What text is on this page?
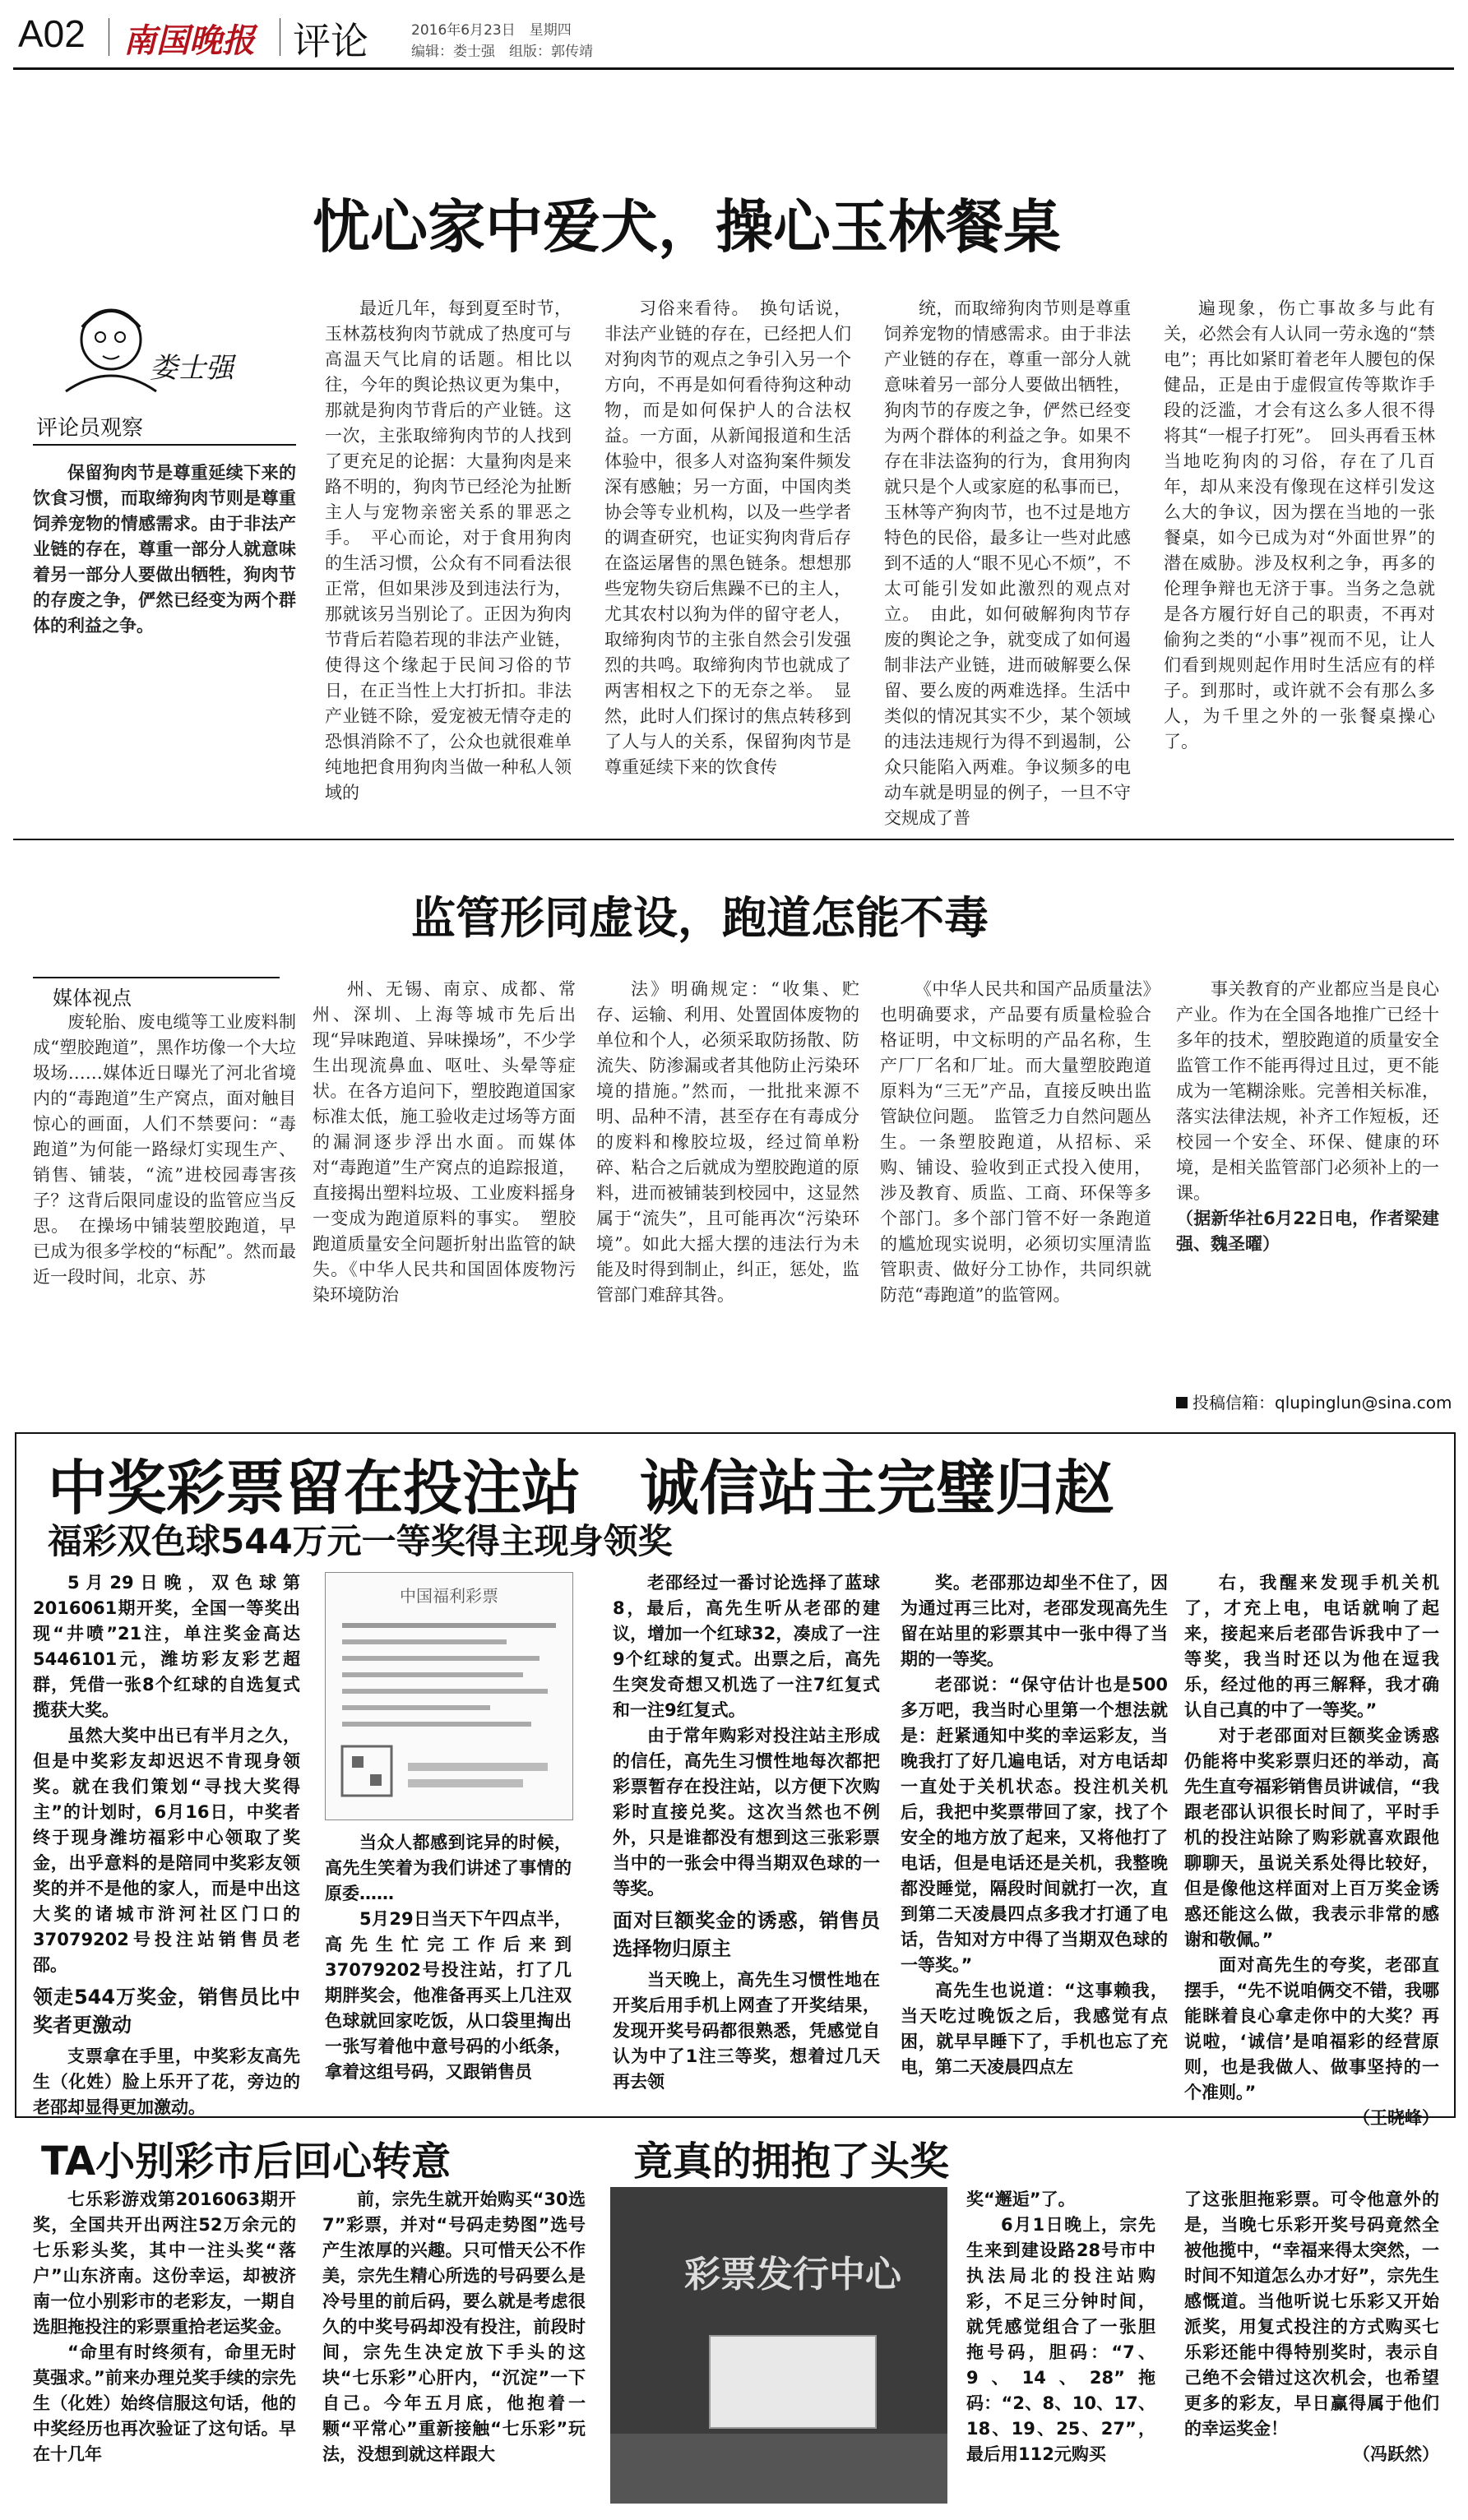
A02 南国晚报 评论	2016年6月23日　星期四
编辑：娄士强　组版：郭传靖
忧心家中爱犬，操心玉林餐桌
娄士强
评论员观察

保留狗肉节是尊重延续下来的饮食习惯，而取缔狗肉节则是尊重饲养宠物的情感需求。由于非法产业链的存在，尊重一部分人就意味着另一部分人要做出牺牲，狗肉节的存废之争，俨然已经变为两个群体的利益之争。

最近几年，每到夏至时节，玉林荔枝狗肉节就成了热度可与高温天气比肩的话题。相比以往，今年的舆论热议更为集中，那就是狗肉节背后的产业链。这一次，主张取缔狗肉节的人找到了更充足的论据：大量狗肉是来路不明的，狗肉节已经沦为扯断主人与宠物亲密关系的罪恶之手。　平心而论，对于食用狗肉的生活习惯，公众有不同看法很正常，但如果涉及到违法行为，那就该另当别论了。正因为狗肉节背后若隐若现的非法产业链，使得这个缘起于民间习俗的节日，在正当性上大打折扣。非法产业链不除，爱宠被无情夺走的恐惧消除不了，公众也就很难单纯地把食用狗肉当做一种私人领域的

习俗来看待。　换句话说，非法产业链的存在，已经把人们对狗肉节的观点之争引入另一个方向，不再是如何看待狗这种动物，而是如何保护人的合法权益。一方面，从新闻报道和生活体验中，很多人对盗狗案件频发深有感触；另一方面，中国肉类协会等专业机构，以及一些学者的调查研究，也证实狗肉背后存在盗运屠售的黑色链条。想想那些宠物失窃后焦躁不已的主人，尤其农村以狗为伴的留守老人，取缔狗肉节的主张自然会引发强烈的共鸣。取缔狗肉节也就成了两害相权之下的无奈之举。　显然，此时人们探讨的焦点转移到了人与人的关系，保留狗肉节是尊重延续下来的饮食传

统，而取缔狗肉节则是尊重饲养宠物的情感需求。由于非法产业链的存在，尊重一部分人就意味着另一部分人要做出牺牲，狗肉节的存废之争，俨然已经变为两个群体的利益之争。如果不存在非法盗狗的行为，食用狗肉就只是个人或家庭的私事而已，玉林等产狗肉节，也不过是地方特色的民俗，最多让一些对此感到不适的人“眼不见心不烦”，不太可能引发如此激烈的观点对立。　由此，如何破解狗肉节存废的舆论之争，就变成了如何遏制非法产业链，进而破解要么保留、要么废的两难选择。生活中类似的情况其实不少，某个领域的违法违规行为得不到遏制，公众只能陷入两难。争议频多的电动车就是明显的例子，一旦不守交规成了普

遍现象，伤亡事故多与此有关，必然会有人认同一劳永逸的“禁电”；再比如紧盯着老年人腰包的保健品，正是由于虚假宣传等欺诈手段的泛滥，才会有这么多人很不得将其“一棍子打死”。　回头再看玉林当地吃狗肉的习俗，存在了几百年，却从来没有像现在这样引发这么大的争议，因为摆在当地的一张餐桌，如今已成为对“外面世界”的潜在威胁。涉及权利之争，再多的伦理争辩也无济于事。当务之急就是各方履行好自己的职责，不再对偷狗之类的“小事”视而不见，让人们看到规则起作用时生活应有的样子。到那时，或许就不会有那么多人，为千里之外的一张餐桌操心了。

监管形同虚设，跑道怎能不毒
媒体视点

废轮胎、废电缆等工业废料制成“塑胶跑道”，黑作坊像一个大垃圾场……媒体近日曝光了河北省境内的“毒跑道”生产窝点，面对触目惊心的画面，人们不禁要问：“毒跑道”为何能一路绿灯实现生产、销售、铺装，“流”进校园毒害孩子？这背后限同虚设的监管应当反思。　在操场中铺装塑胶跑道，早已成为很多学校的“标配”。然而最近一段时间，北京、苏

州、无锡、南京、成都、常州、深圳、上海等城市先后出现“异味跑道、异味操场”，不少学生出现流鼻血、呕吐、头晕等症状。在各方追问下，塑胶跑道国家标准太低，施工验收走过场等方面的漏洞逐步浮出水面。而媒体对“毒跑道”生产窝点的追踪报道，直接揭出塑料垃圾、工业废料摇身一变成为跑道原料的事实。　塑胶跑道质量安全问题折射出监管的缺失。《中华人民共和国固体废物污染环境防治

法》明确规定：“收集、贮存、运输、利用、处置固体废物的单位和个人，必须采取防扬散、防流失、防渗漏或者其他防止污染环境的措施。”然而，一批批来源不明、品种不清，甚至存在有毒成分的废料和橡胶垃圾，经过简单粉碎、粘合之后就成为塑胶跑道的原料，进而被铺装到校园中，这显然属于“流失”，且可能再次“污染环境”。如此大摇大摆的违法行为未能及时得到制止，纠正，惩处，监管部门难辞其咎。

《中华人民共和国产品质量法》也明确要求，产品要有质量检验合格证明，中文标明的产品名称，生产厂厂名和厂址。而大量塑胶跑道原料为“三无”产品，直接反映出监管缺位问题。　监管乏力自然问题丛生。一条塑胶跑道，从招标、采购、铺设、验收到正式投入使用，涉及教育、质监、工商、环保等多个部门。多个部门管不好一条跑道的尴尬现实说明，必须切实厘清监管职责、做好分工协作，共同织就防范“毒跑道”的监管网。

事关教育的产业都应当是良心产业。作为在全国各地推广已经十多年的技术，塑胶跑道的质量安全监管工作不能再得过且过，更不能成为一笔糊涂账。完善相关标准，落实法律法规，补齐工作短板，还校园一个安全、环保、健康的环境，是相关监管部门必须补上的一课。

（据新华社6月22日电，作者梁建强、魏圣曜）

投稿信箱：qlupinglun@sina.com
中奖彩票留在投注站　诚信站主完璧归赵
福彩双色球544万元一等奖得主现身领奖

5月29日晚，双色球第2016061期开奖，全国一等奖出现“井喷”21注，单注奖金高达5446101元，潍坊彩友彩艺超群，凭借一张8个红球的自选复式揽获大奖。

虽然大奖中出已有半月之久，但是中奖彩友却迟迟不肯现身领奖。就在我们策划“寻找大奖得主”的计划时，6月16日，中奖者终于现身潍坊福彩中心领取了奖金，出乎意料的是陪同中奖彩友领奖的并不是他的家人，而是中出这大奖的诸城市浒河社区门口的37079202号投注站销售员老邵。

领走544万奖金，销售员比中奖者更激动

支票拿在手里，中奖彩友高先生（化姓）脸上乐开了花，旁边的老邵却显得更加激动。

中国福利彩票

当众人都感到诧异的时候，高先生笑着为我们讲述了事情的原委……

5月29日当天下午四点半，高先生忙完工作后来到37079202号投注站，打了几期胖奖会，他准备再买上几注双色球就回家吃饭，从口袋里掏出一张写着他中意号码的小纸条，拿着这组号码，又跟销售员

老邵经过一番讨论选择了蓝球8，最后，高先生听从老邵的建议，增加一个红球32，凑成了一注9个红球的复式。出票之后，高先生突发奇想又机选了一注7红复式和一注9红复式。

由于常年购彩对投注站主形成的信任，高先生习惯性地每次都把彩票暂存在投注站，以方便下次购彩时直接兑奖。这次当然也不例外，只是谁都没有想到这三张彩票当中的一张会中得当期双色球的一等奖。

面对巨额奖金的诱惑，销售员选择物归原主

当天晚上，高先生习惯性地在开奖后用手机上网查了开奖结果，发现开奖号码都很熟悉，凭感觉自认为中了1注三等奖，想着过几天再去领

奖。老邵那边却坐不住了，因为通过再三比对，老邵发现高先生留在站里的彩票其中一张中得了当期的一等奖。

老邵说：“保守估计也是500多万吧，我当时心里第一个想法就是：赶紧通知中奖的幸运彩友，当晚我打了好几遍电话，对方电话却一直处于关机状态。投注机关机后，我把中奖票带回了家，找了个安全的地方放了起来，又将他打了电话，但是电话还是关机，我整晚都没睡觉，隔段时间就打一次，直到第二天凌晨四点多我才打通了电话，告知对方中得了当期双色球的一等奖。”

高先生也说道：“这事赖我，当天吃过晚饭之后，我感觉有点困，就早早睡下了，手机也忘了充电，第二天凌晨四点左

右，我醒来发现手机关机了，才充上电，电话就响了起来，接起来后老邵告诉我中了一等奖，我当时还以为他在逗我乐，经过他的再三解释，我才确认自己真的中了一等奖。”

对于老邵面对巨额奖金诱惑仍能将中奖彩票归还的举动，高先生直夸福彩销售员讲诚信，“我跟老邵认识很长时间了，平时手机的投注站除了购彩就喜欢跟他聊聊天，虽说关系处得比较好，但是像他这样面对上百万奖金诱惑还能这么做，我表示非常的感谢和敬佩。”

面对高先生的夸奖，老邵直摆手，“先不说咱俩交不错，我哪能眯着良心拿走你中的大奖？再说啦，‘诚信’是咱福彩的经营原则，也是我做人、做事坚持的一个准则。”

（王晓峰）

TA小别彩市后回心转意	竟真的拥抱了头奖

七乐彩游戏第2016063期开奖，全国共开出两注52万余元的七乐彩头奖，其中一注头奖“落户”山东济南。这份幸运，却被济南一位小别彩市的老彩友，一期自选胆拖投注的彩票重拾老运奖金。

“命里有时终须有，命里无时莫强求。”前来办理兑奖手续的宗先生（化姓）始终信服这句话，他的中奖经历也再次验证了这句话。早在十几年

前，宗先生就开始购买“30选7”彩票，并对“号码走势图”选号产生浓厚的兴趣。只可惜天公不作美，宗先生精心所选的号码要么是冷号里的前后码，要么就是考虑很久的中奖号码却没有投注，前段时间，宗先生决定放下手头的这块“七乐彩”心肝内，“沉淀”一下自己。今年五月底，他抱着一颗“平常心”重新接触“七乐彩”玩法，没想到就这样跟大

彩票发行中心

奖“邂逅”了。

6月1日晚上，宗先生来到建设路28号市中执法局北的投注站购彩，不足三分钟时间，就凭感觉组合了一张胆拖号码，胆码：“7、9、14、28”拖码：“2、8、10、17、18、19、25、27”，最后用112元购买

了这张胆拖彩票。可令他意外的是，当晚七乐彩开奖号码竟然全被他揽中，“幸福来得太突然，一时间不知道怎么办才好”，宗先生感慨道。当他听说七乐彩又开始派奖，用复式投注的方式购买七乐彩还能中得特别奖时，表示自己绝不会错过这次机会，也希望更多的彩友，早日赢得属于他们的幸运奖金！

（冯跃然）
